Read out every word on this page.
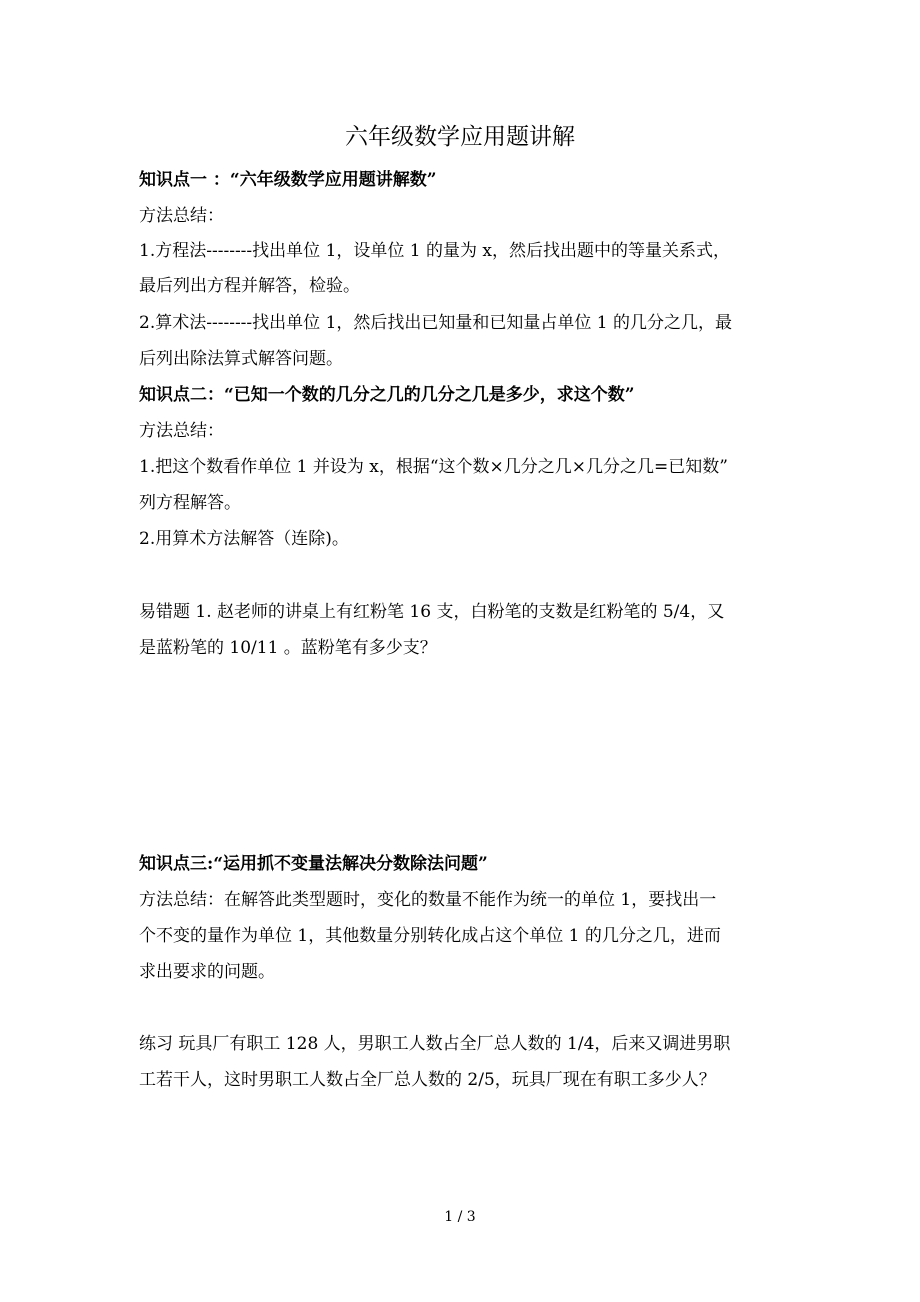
六年级数学应用题讲解

知识点一 ：“六年级数学应用题讲解数”

方法总结：

1.方程法--------找出单位 1，设单位 1 的量为 x，然后找出题中的等量关系式，

最后列出方程并解答，检验。

2.算术法--------找出单位 1，然后找出已知量和已知量占单位 1 的几分之几，最

后列出除法算式解答问题。

知识点二：“已知一个数的几分之几的几分之几是多少，求这个数”

方法总结：

1.把这个数看作单位 1 并设为 x，根据“这个数×几分之几×几分之几=已知数”

列方程解答。

2.用算术方法解答（连除)。

易错题 1. 赵老师的讲桌上有红粉笔 16 支，白粉笔的支数是红粉笔的 5/4，又

是蓝粉笔的 10/11 。蓝粉笔有多少支？

知识点三:“运用抓不变量法解决分数除法问题”

方法总结：在解答此类型题时，变化的数量不能作为统一的单位 1，要找出一

个不变的量作为单位 1，其他数量分别转化成占这个单位 1 的几分之几，进而

求出要求的问题。

练习 玩具厂有职工 128 人，男职工人数占全厂总人数的 1/4，后来又调进男职

工若干人，这时男职工人数占全厂总人数的 2/5，玩具厂现在有职工多少人？

1 / 3
